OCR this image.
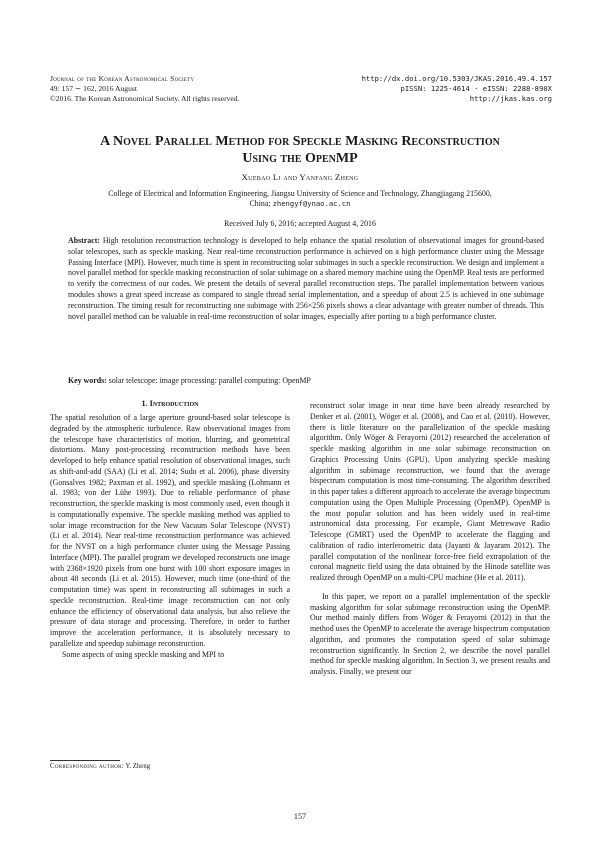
Journal of the Korean Astronomical Society
49: 157 ∼ 162, 2016 August
©2016. The Korean Astronomical Society. All rights reserved.
http://dx.doi.org/10.5303/JKAS.2016.49.4.157
pISSN: 1225-4614 · eISSN: 2288-890X
http://jkas.kas.org
A Novel Parallel Method for Speckle Masking Reconstruction
Using the OpenMP
Xuebao Li and Yanfang Zheng
College of Electrical and Information Engineering, Jiangsu University of Science and Technology, Zhangjiagang 215600,
China; zhengyf@ynao.ac.cn
Received July 6, 2016; accepted August 4, 2016
Abstract: High resolution reconstruction technology is developed to help enhance the spatial resolution of observational images for ground-based solar telescopes, such as speckle masking. Near real-time reconstruction performance is achieved on a high performance cluster using the Message Passing Interface (MPI). However, much time is spent in reconstructing solar subimages in such a speckle reconstruction. We design and implement a novel parallel method for speckle masking reconstruction of solar subimage on a shared memory machine using the OpenMP. Real tests are performed to verify the correctness of our codes. We present the details of several parallel reconstruction steps. The parallel implementation between various modules shows a great speed increase as compared to single thread serial implementation, and a speedup of about 2.5 is achieved in one subimage reconstruction. The timing result for reconstructing one subimage with 256×256 pixels shows a clear advantage with greater number of threads. This novel parallel method can be valuable in real-time reconstruction of solar images, especially after porting to a high performance cluster.
Key words: solar telescope: image processing: parallel computing: OpenMP
1. Introduction

The spatial resolution of a large aperture ground-based solar telescope is degraded by the atmospheric turbulence. Raw observational images from the telescope have characteristics of motion, blurring, and geometrical distortions. Many post-processing reconstruction methods have been developed to help enhance spatial resolution of observational images, such as shift-and-add (SAA) (Li et al. 2014; Sudo et al. 2006), phase diversity (Gonsalves 1982; Paxman et al. 1992), and speckle masking (Lohmann et al. 1983; von der Lühe 1993). Due to reliable performance of phase reconstruction, the speckle masking is most commonly used, even though it is computationally expensive. The speckle masking method was applied to solar image reconstruction for the New Vacuum Solar Telescope (NVST) (Li et al. 2014). Near real-time reconstruction performance was achieved for the NVST on a high performance cluster using the Message Passing Interface (MPI). The parallel program we developed reconstructs one image with 2368×1920 pixels from one burst with 100 short exposure images in about 48 seconds (Li et al. 2015). However, much time (one-third of the computation time) was spent in reconstructing all subimages in such a speckle reconstruction. Real-time image reconstruction can not only enhance the efficiency of observational data analysis, but also relieve the pressure of data storage and processing. Therefore, in order to further improve the acceleration performance, it is absolutely necessary to parallelize and speedup subimage reconstruction.

Some aspects of using speckle masking and MPI to

reconstruct solar image in near time have been already researched by Denker et al. (2001), Wöger et al. (2008), and Cao et al. (2010). However, there is little literature on the parallelization of the speckle masking algorithm. Only Wöger & Ferayorni (2012) researched the acceleration of speckle masking algorithm in one solar subimage reconstruction on Graphics Processing Units (GPU). Upon analyzing speckle masking algorithm in subimage reconstruction, we found that the average bispectrum computation is most time-consuming. The algorithm described in this paper takes a different approach to accelerate the average bispectrum computation using the Open Multiple Processing (OpenMP). OpenMP is the most popular solution and has been widely used in real-time astronomical data processing. For example, Giant Metrewave Radio Telescope (GMRT) used the OpenMP to accelerate the flagging and calibration of radio interferometric data (Jayanti & Jayaram 2012). The parallel computation of the nonlinear force-free field extrapolation of the coronal magnetic field using the data obtained by the Hinode satellite was realized through OpenMP on a multi-CPU machine (He et al. 2011).

In this paper, we report on a parallel implementation of the speckle masking algorithm for solar subimage reconstruction using the OpenMP. Our method mainly differs from Wöger & Ferayorni (2012) in that the method uses the OpenMP to accelerate the average bispectrum computation algorithm, and promotes the computation speed of solar subimage reconstruction significantly. In Section 2, we describe the novel parallel method for speckle masking algorithm. In Section 3, we present results and analysis. Finally, we present our

Corresponding author: Y. Zheng
157
